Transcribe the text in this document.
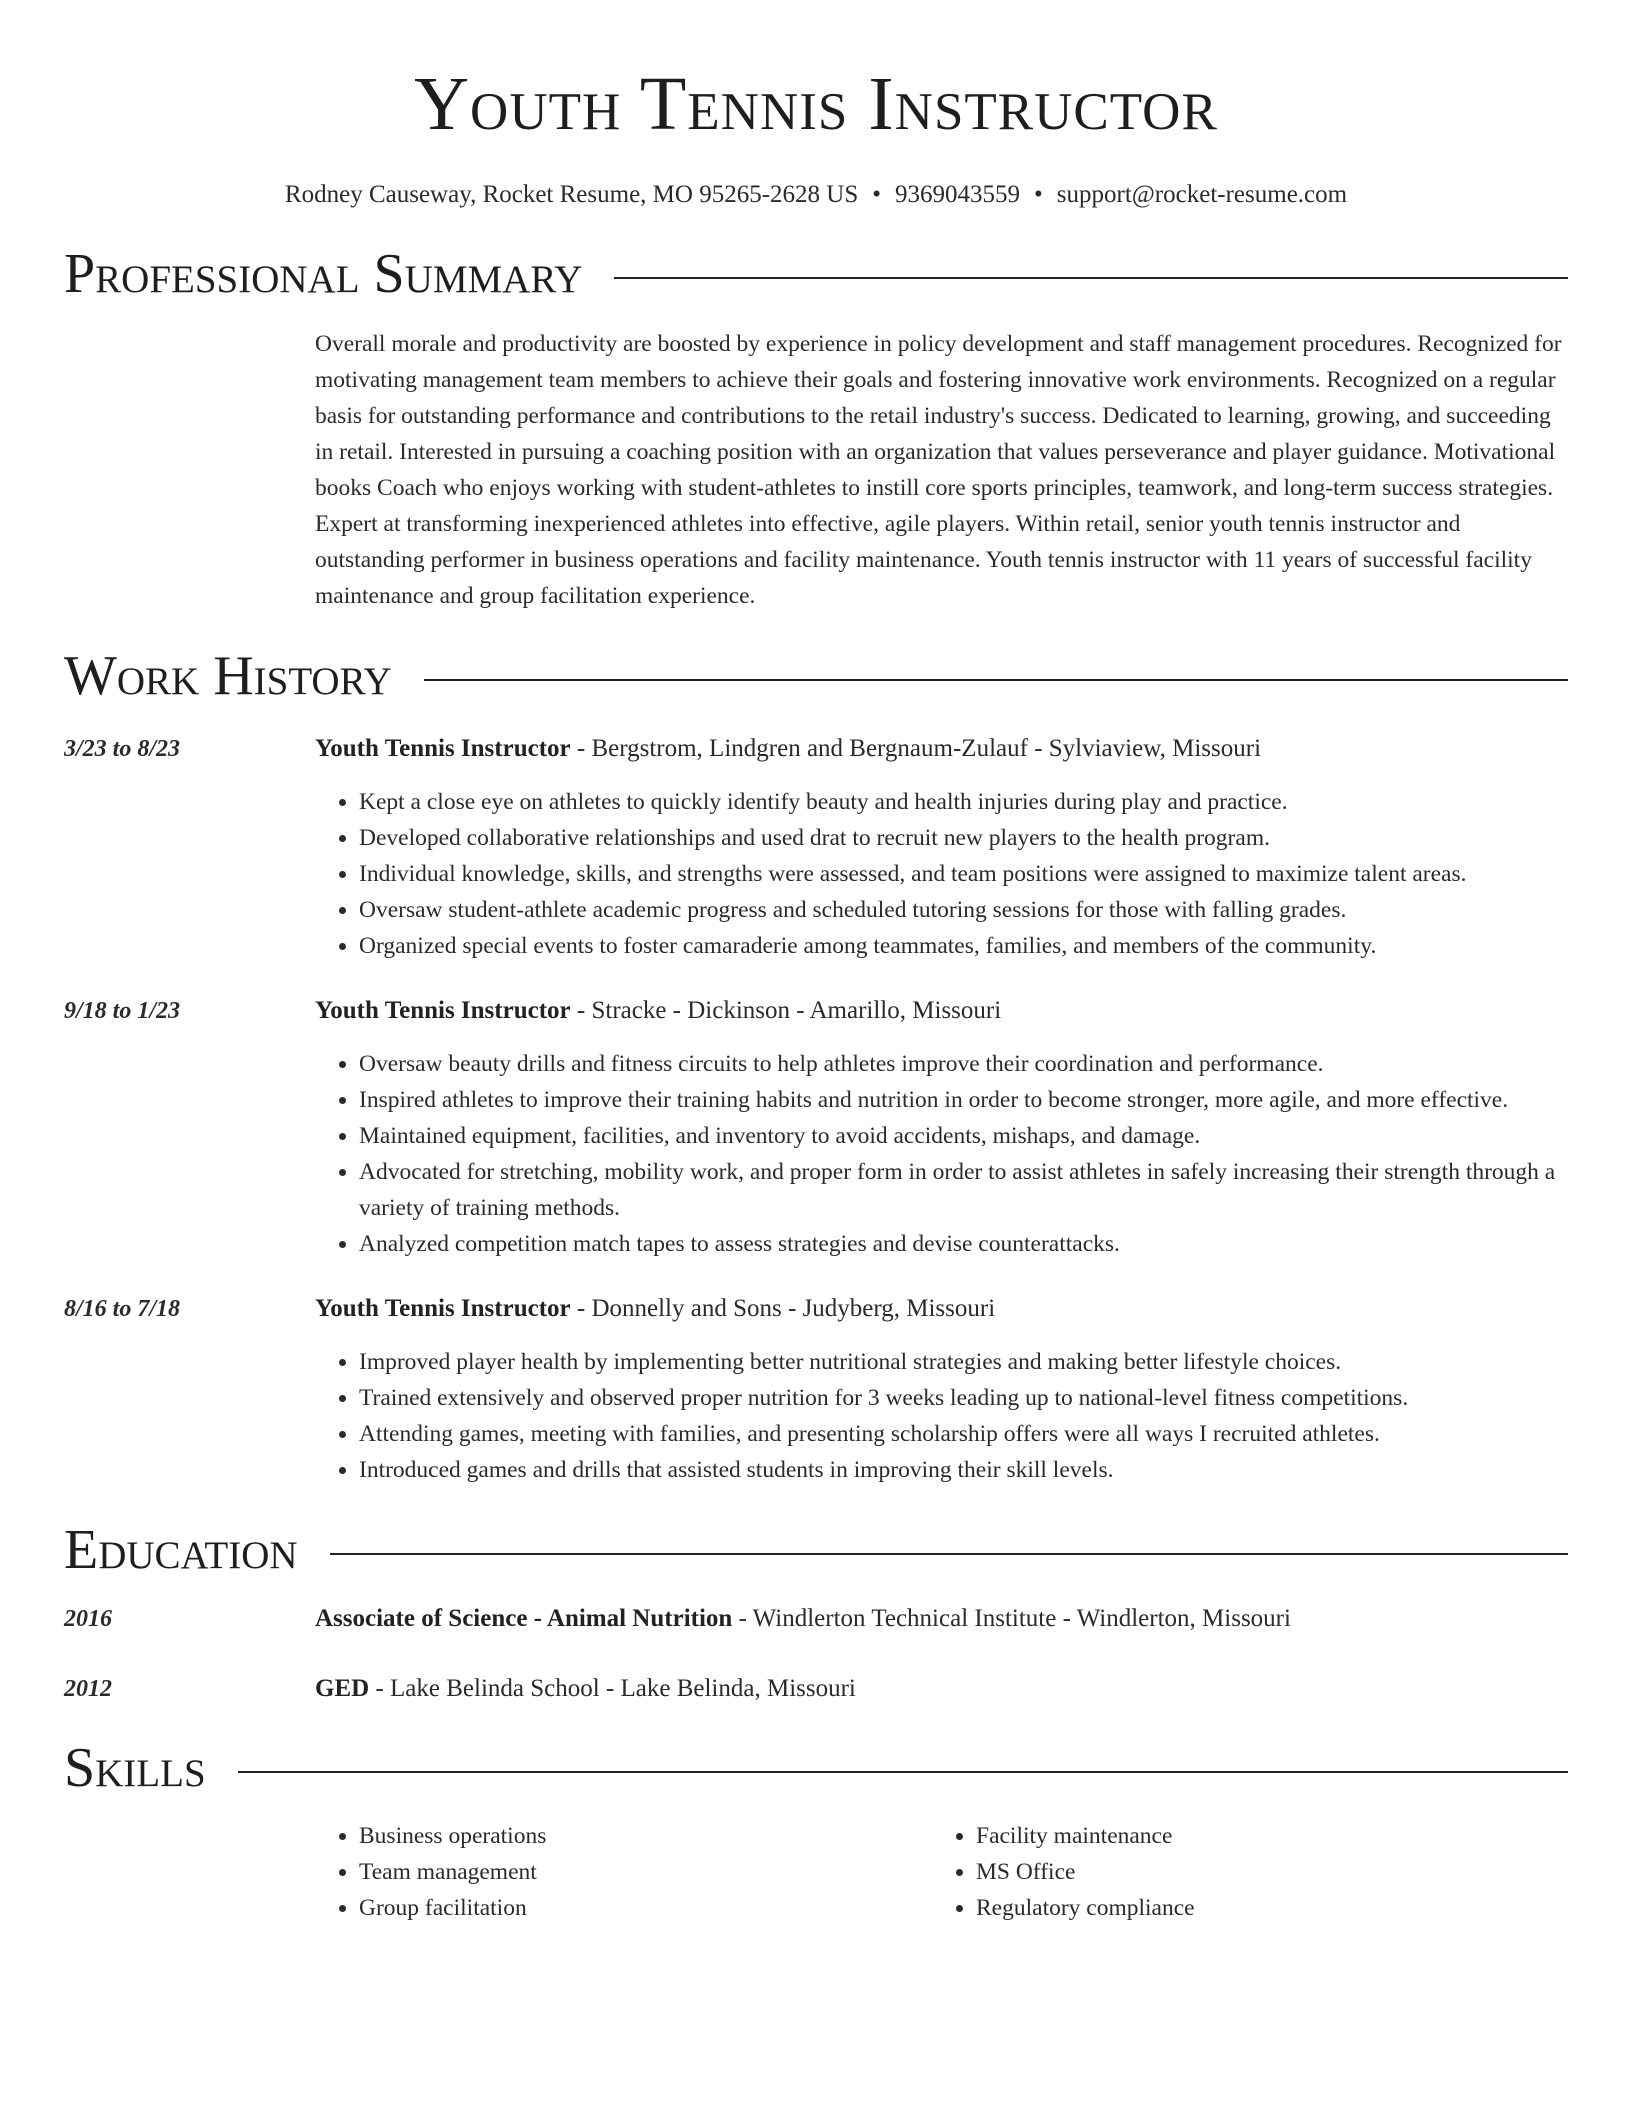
Youth Tennis Instructor
Rodney Causeway, Rocket Resume, MO 95265-2628 US • 9369043559 • support@rocket-resume.com
Professional Summary
Overall morale and productivity are boosted by experience in policy development and staff management procedures. Recognized for motivating management team members to achieve their goals and fostering innovative work environments. Recognized on a regular basis for outstanding performance and contributions to the retail industry's success. Dedicated to learning, growing, and succeeding in retail. Interested in pursuing a coaching position with an organization that values perseverance and player guidance. Motivational books Coach who enjoys working with student-athletes to instill core sports principles, teamwork, and long-term success strategies. Expert at transforming inexperienced athletes into effective, agile players. Within retail, senior youth tennis instructor and outstanding performer in business operations and facility maintenance. Youth tennis instructor with 11 years of successful facility maintenance and group facilitation experience.
Work History
3/23 to 8/23	Youth Tennis Instructor - Bergstrom, Lindgren and Bergnaum-Zulauf - Sylviaview, Missouri
• Kept a close eye on athletes to quickly identify beauty and health injuries during play and practice.
• Developed collaborative relationships and used drat to recruit new players to the health program.
• Individual knowledge, skills, and strengths were assessed, and team positions were assigned to maximize talent areas.
• Oversaw student-athlete academic progress and scheduled tutoring sessions for those with falling grades.
• Organized special events to foster camaraderie among teammates, families, and members of the community.
9/18 to 1/23	Youth Tennis Instructor - Stracke - Dickinson - Amarillo, Missouri
• Oversaw beauty drills and fitness circuits to help athletes improve their coordination and performance.
• Inspired athletes to improve their training habits and nutrition in order to become stronger, more agile, and more effective.
• Maintained equipment, facilities, and inventory to avoid accidents, mishaps, and damage.
• Advocated for stretching, mobility work, and proper form in order to assist athletes in safely increasing their strength through a variety of training methods.
• Analyzed competition match tapes to assess strategies and devise counterattacks.
8/16 to 7/18	Youth Tennis Instructor - Donnelly and Sons - Judyberg, Missouri
• Improved player health by implementing better nutritional strategies and making better lifestyle choices.
• Trained extensively and observed proper nutrition for 3 weeks leading up to national-level fitness competitions.
• Attending games, meeting with families, and presenting scholarship offers were all ways I recruited athletes.
• Introduced games and drills that assisted students in improving their skill levels.
Education
2016	Associate of Science - Animal Nutrition - Windlerton Technical Institute - Windlerton, Missouri
2012	GED - Lake Belinda School - Lake Belinda, Missouri
Skills
• Business operations
• Team management
• Group facilitation
• Facility maintenance
• MS Office
• Regulatory compliance
